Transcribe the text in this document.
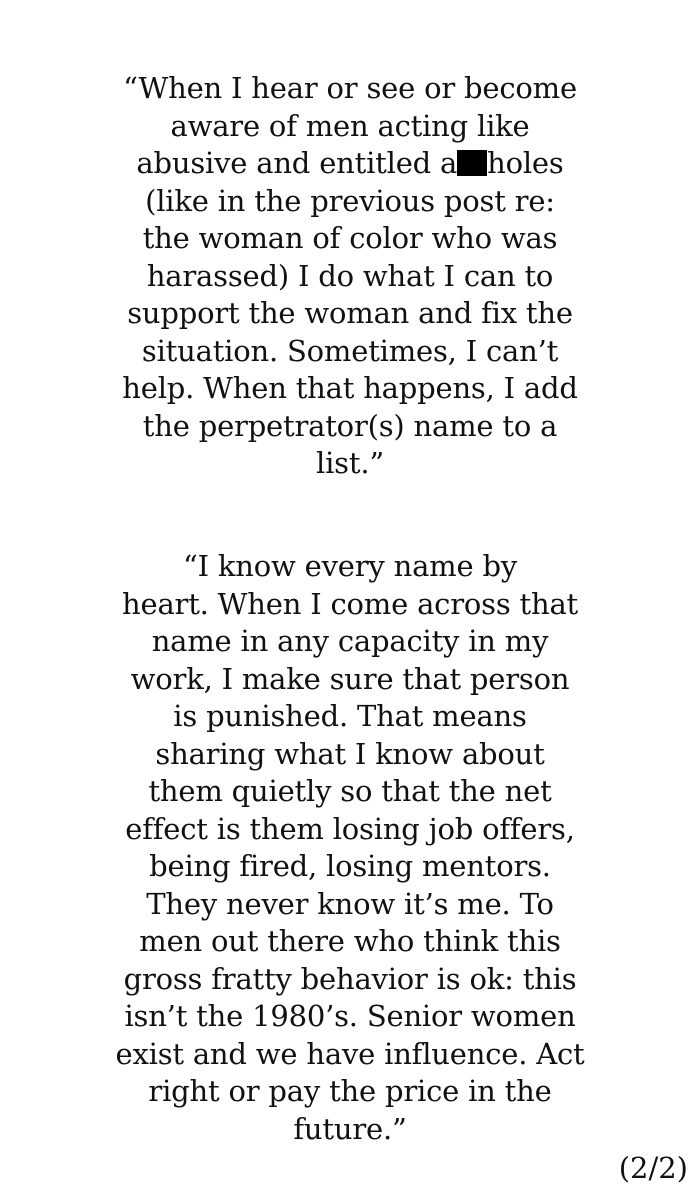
“When I hear or see or become
aware of men acting like
abusive and entitled a holes
(like in the previous post re:
the woman of color who was
harassed) I do what I can to
support the woman and fix the
situation. Sometimes, I can’t
help. When that happens, I add
the perpetrator(s) name to a
list.”

“I know every name by
heart. When I come across that
name in any capacity in my
work, I make sure that person
is punished. That means
sharing what I know about
them quietly so that the net
effect is them losing job offers,
being fired, losing mentors.
They never know it’s me. To
men out there who think this
gross fratty behavior is ok: this
isn’t the 1980’s. Senior women
exist and we have influence. Act
right or pay the price in the
future.”

(2/2)
